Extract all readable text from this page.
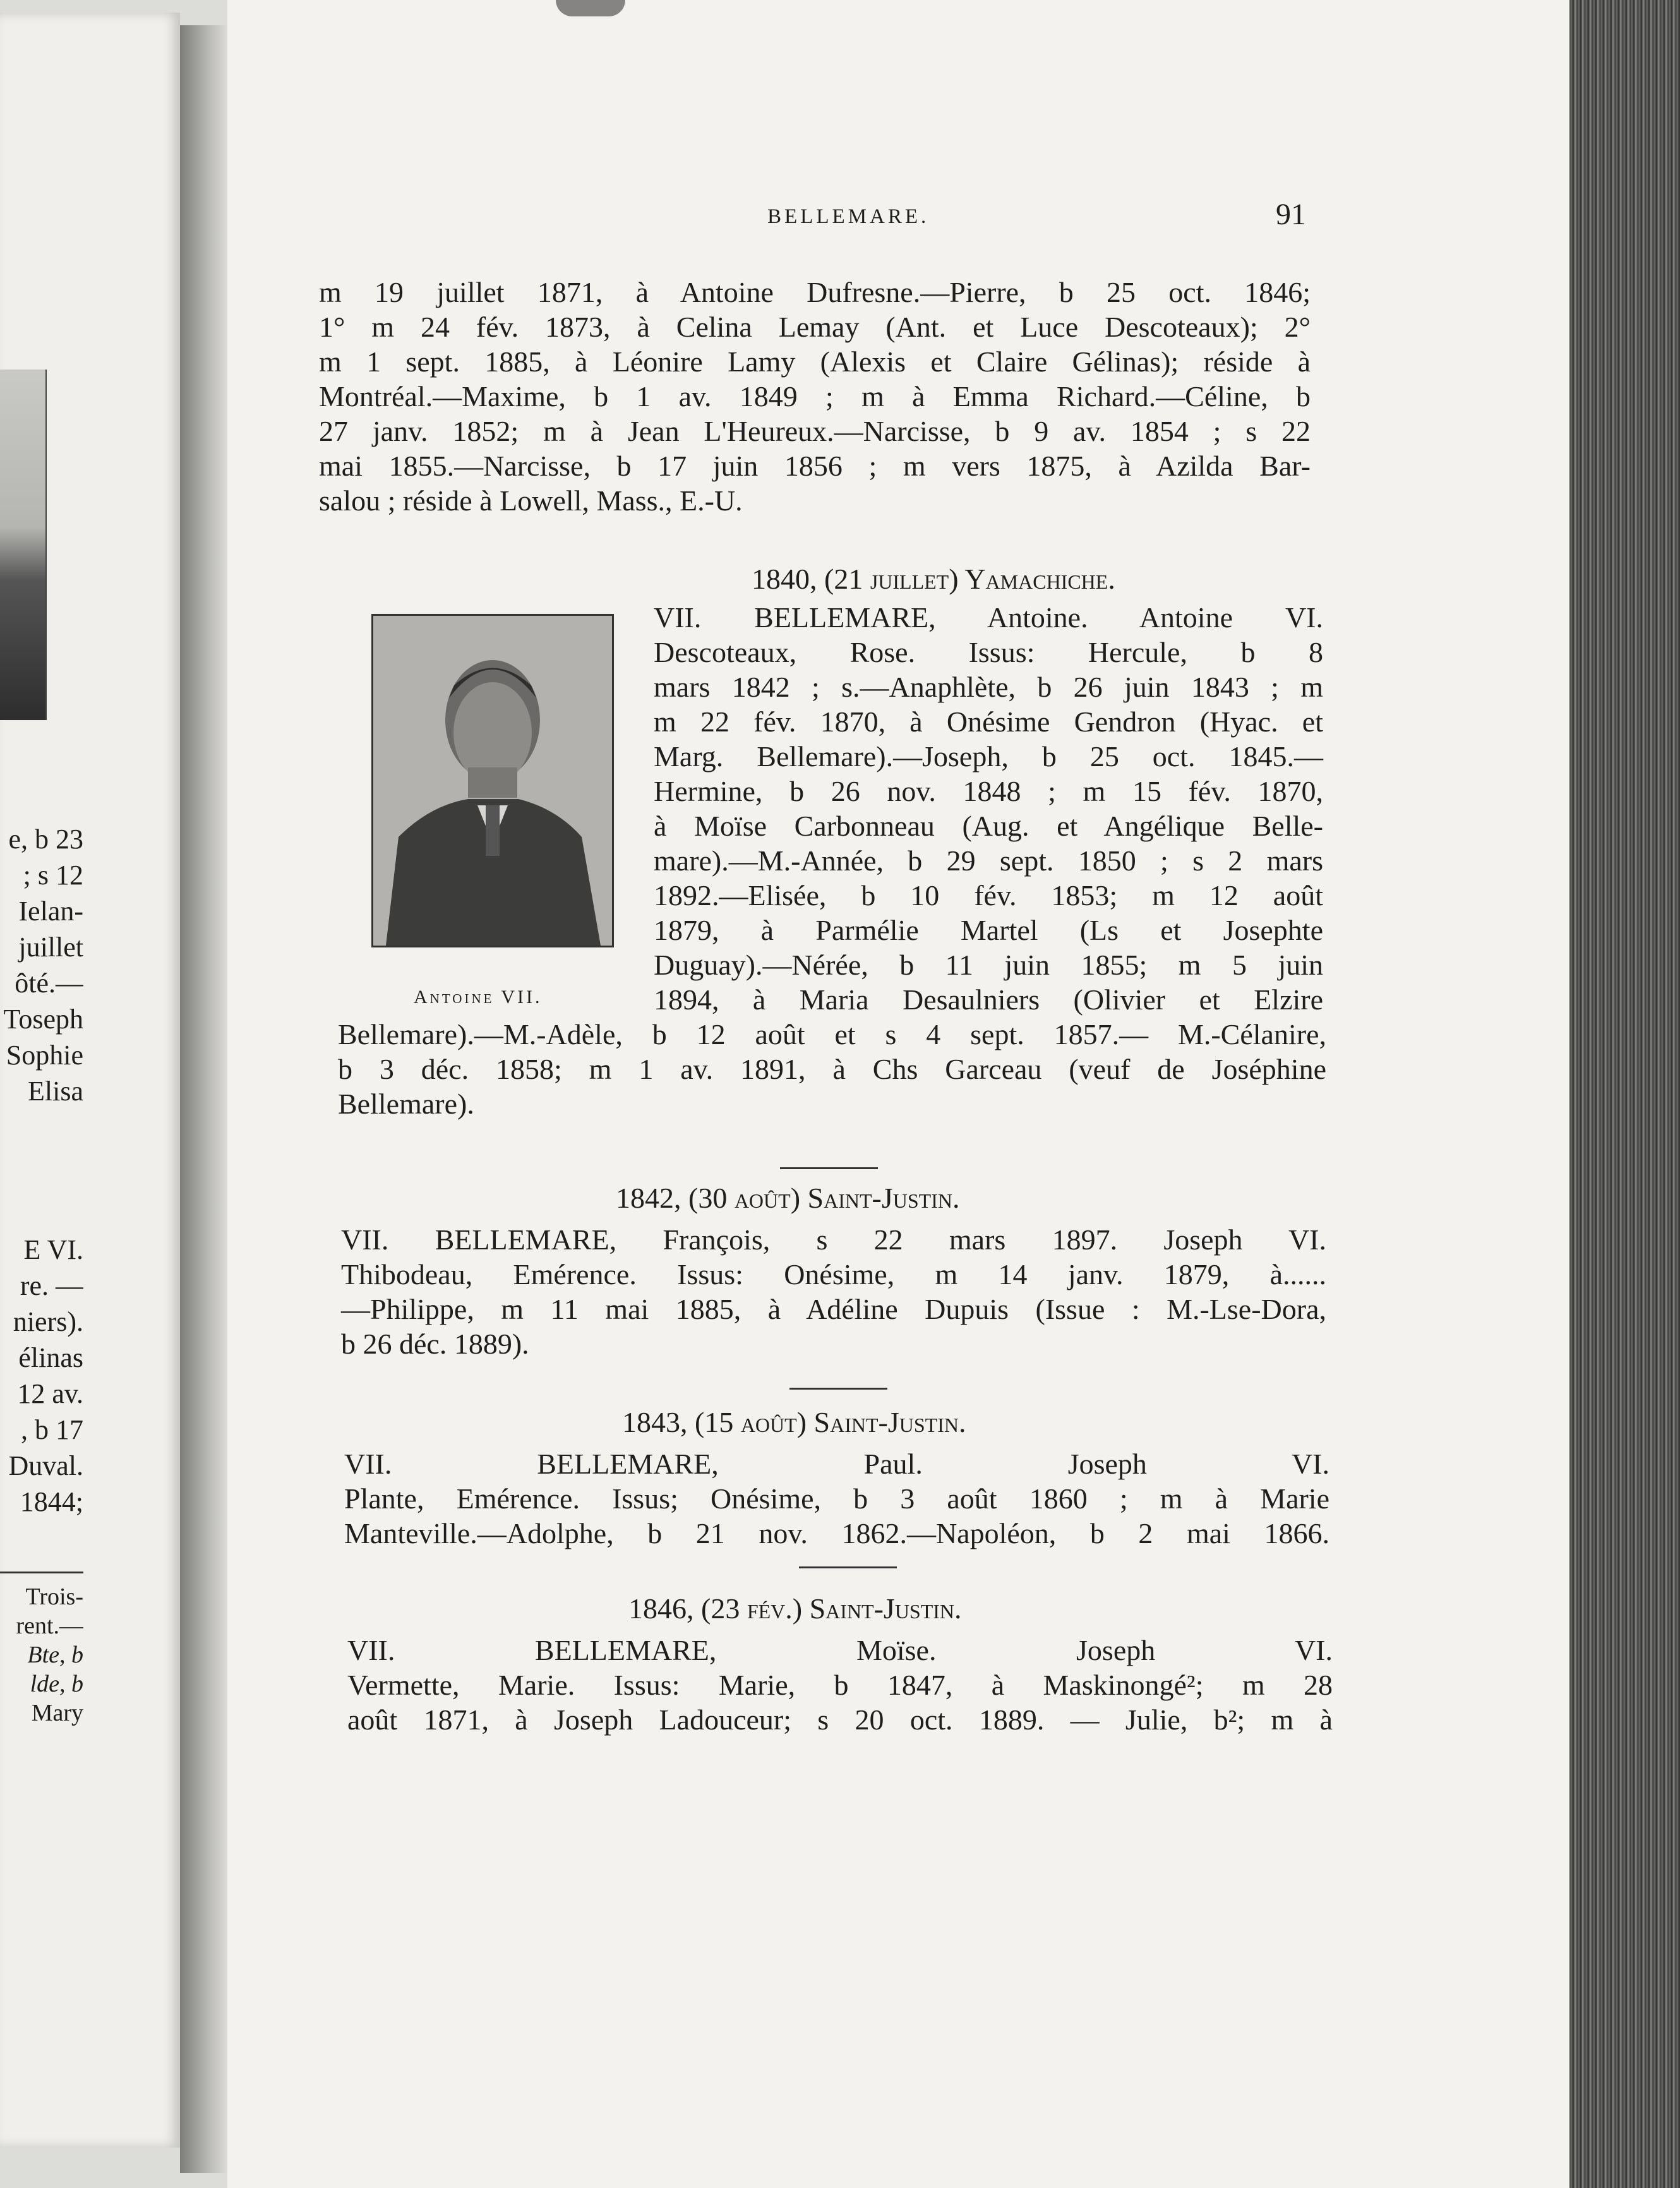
e, b 23
; s 12
Ielan-
juillet
ôté.—
Toseph
Sophie
Elisa
E VI.
re. —
niers).
élinas
12 av.
, b 17
Duval.
1844;
Trois-
rent.—
Bte, b
lde, b
Mary
BELLEMARE.	91
m 19 juillet 1871, à Antoine Dufresne.—Pierre, b 25 oct. 1846;
1° m 24 fév. 1873, à Celina Lemay (Ant. et Luce Descoteaux); 2°
m 1 sept. 1885, à Léonire Lamy (Alexis et Claire Gélinas); réside à
Montréal.—Maxime, b 1 av. 1849 ; m à Emma Richard.—Céline, b
27 janv. 1852; m à Jean L'Heureux.—Narcisse, b 9 av. 1854 ; s 22
mai 1855.—Narcisse, b 17 juin 1856 ; m vers 1875, à Azilda Bar-
salou ; réside à Lowell, Mass., E.-U.
1840, (21 juillet) Yamachiche.
Antoine VII.
VII. BELLEMARE, Antoine. Antoine VI.
Descoteaux, Rose. Issus: Hercule, b 8
mars 1842 ; s.—Anaphlète, b 26 juin 1843 ; m
m 22 fév. 1870, à Onésime Gendron (Hyac. et
Marg. Bellemare).—Joseph, b 25 oct. 1845.—
Hermine, b 26 nov. 1848 ; m 15 fév. 1870,
à Moïse Carbonneau (Aug. et Angélique Belle-
mare).—M.-Année, b 29 sept. 1850 ; s 2 mars
1892.—Elisée, b 10 fév. 1853; m 12 août
1879, à Parmélie Martel (Ls et Josephte
Duguay).—Nérée, b 11 juin 1855; m 5 juin
1894, à Maria Desaulniers (Olivier et Elzire
Bellemare).—M.-Adèle, b 12 août et s 4 sept. 1857.— M.-Célanire,
b 3 déc. 1858; m 1 av. 1891, à Chs Garceau (veuf de Joséphine
Bellemare).
1842, (30 août) Saint-Justin.
VII. BELLEMARE, François, s 22 mars 1897. Joseph VI.
Thibodeau, Emérence. Issus: Onésime, m 14 janv. 1879, à......
—Philippe, m 11 mai 1885, à Adéline Dupuis (Issue : M.-Lse-Dora,
b 26 déc. 1889).
1843, (15 août) Saint-Justin.
VII. BELLEMARE, Paul. Joseph VI.
Plante, Emérence. Issus; Onésime, b 3 août 1860 ; m à Marie
Manteville.—Adolphe, b 21 nov. 1862.—Napoléon, b 2 mai 1866.
1846, (23 fév.) Saint-Justin.
VII. BELLEMARE, Moïse. Joseph VI.
Vermette, Marie. Issus: Marie, b 1847, à Maskinongé²; m 28
août 1871, à Joseph Ladouceur; s 20 oct. 1889. — Julie, b²; m à
